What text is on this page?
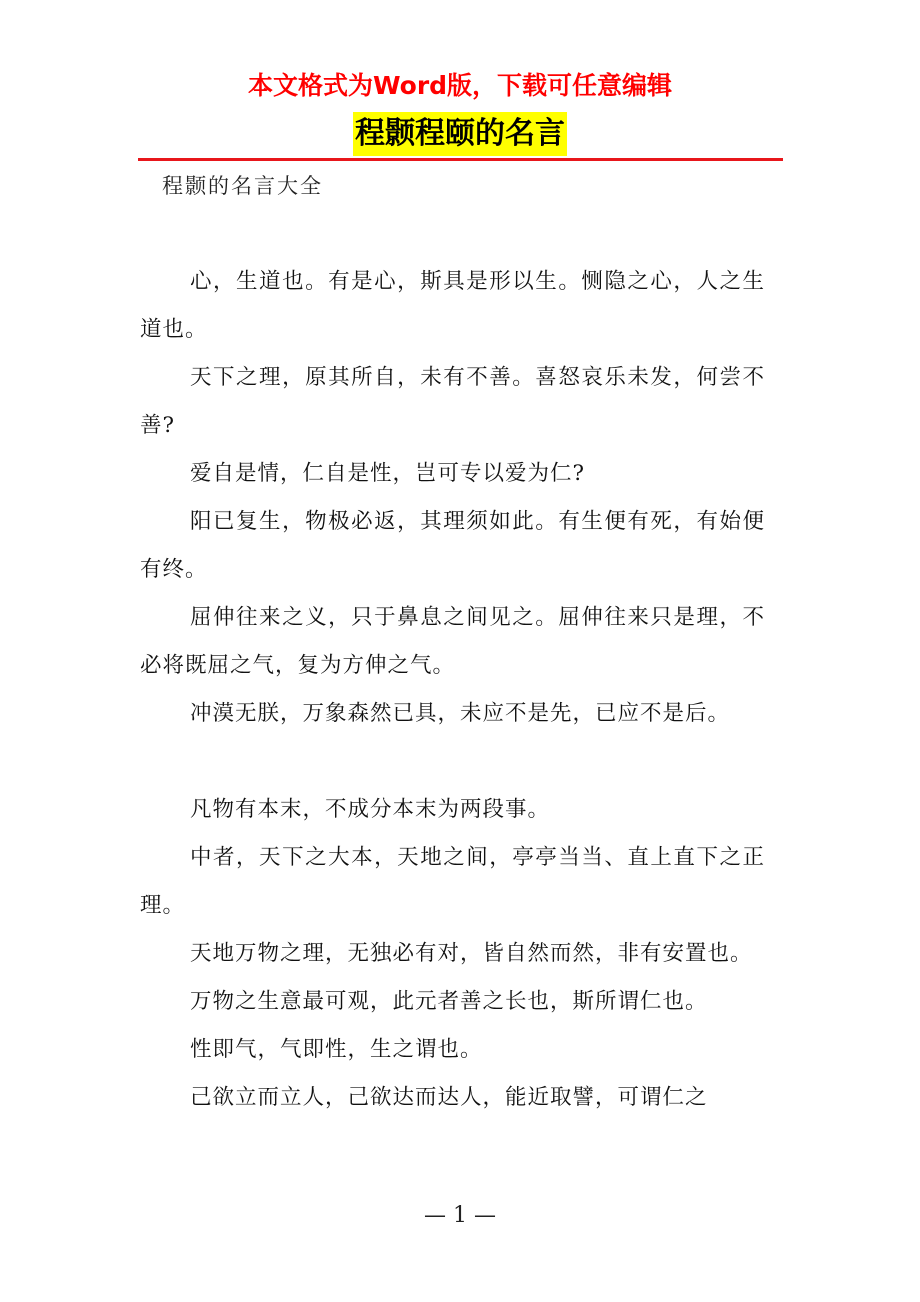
本文格式为Word版，下载可任意编辑
程颢程颐的名言
程颢的名言大全

心，生道也。有是心，斯具是形以生。恻隐之心，人之生道也。

天下之理，原其所自，未有不善。喜怒哀乐未发，何尝不善?

爱自是情，仁自是性，岂可专以爱为仁?

阳已复生，物极必返，其理须如此。有生便有死，有始便有终。

屈伸往来之义，只于鼻息之间见之。屈伸往来只是理，不必将既屈之气，复为方伸之气。

冲漠无朕，万象森然已具，未应不是先，已应不是后。

凡物有本末，不成分本末为两段事。

中者，天下之大本，天地之间，亭亭当当、直上直下之正理。

天地万物之理，无独必有对，皆自然而然，非有安置也。

万物之生意最可观，此元者善之长也，斯所谓仁也。

性即气，气即性，生之谓也。

己欲立而立人，己欲达而达人，能近取譬，可谓仁之

— 1 —
